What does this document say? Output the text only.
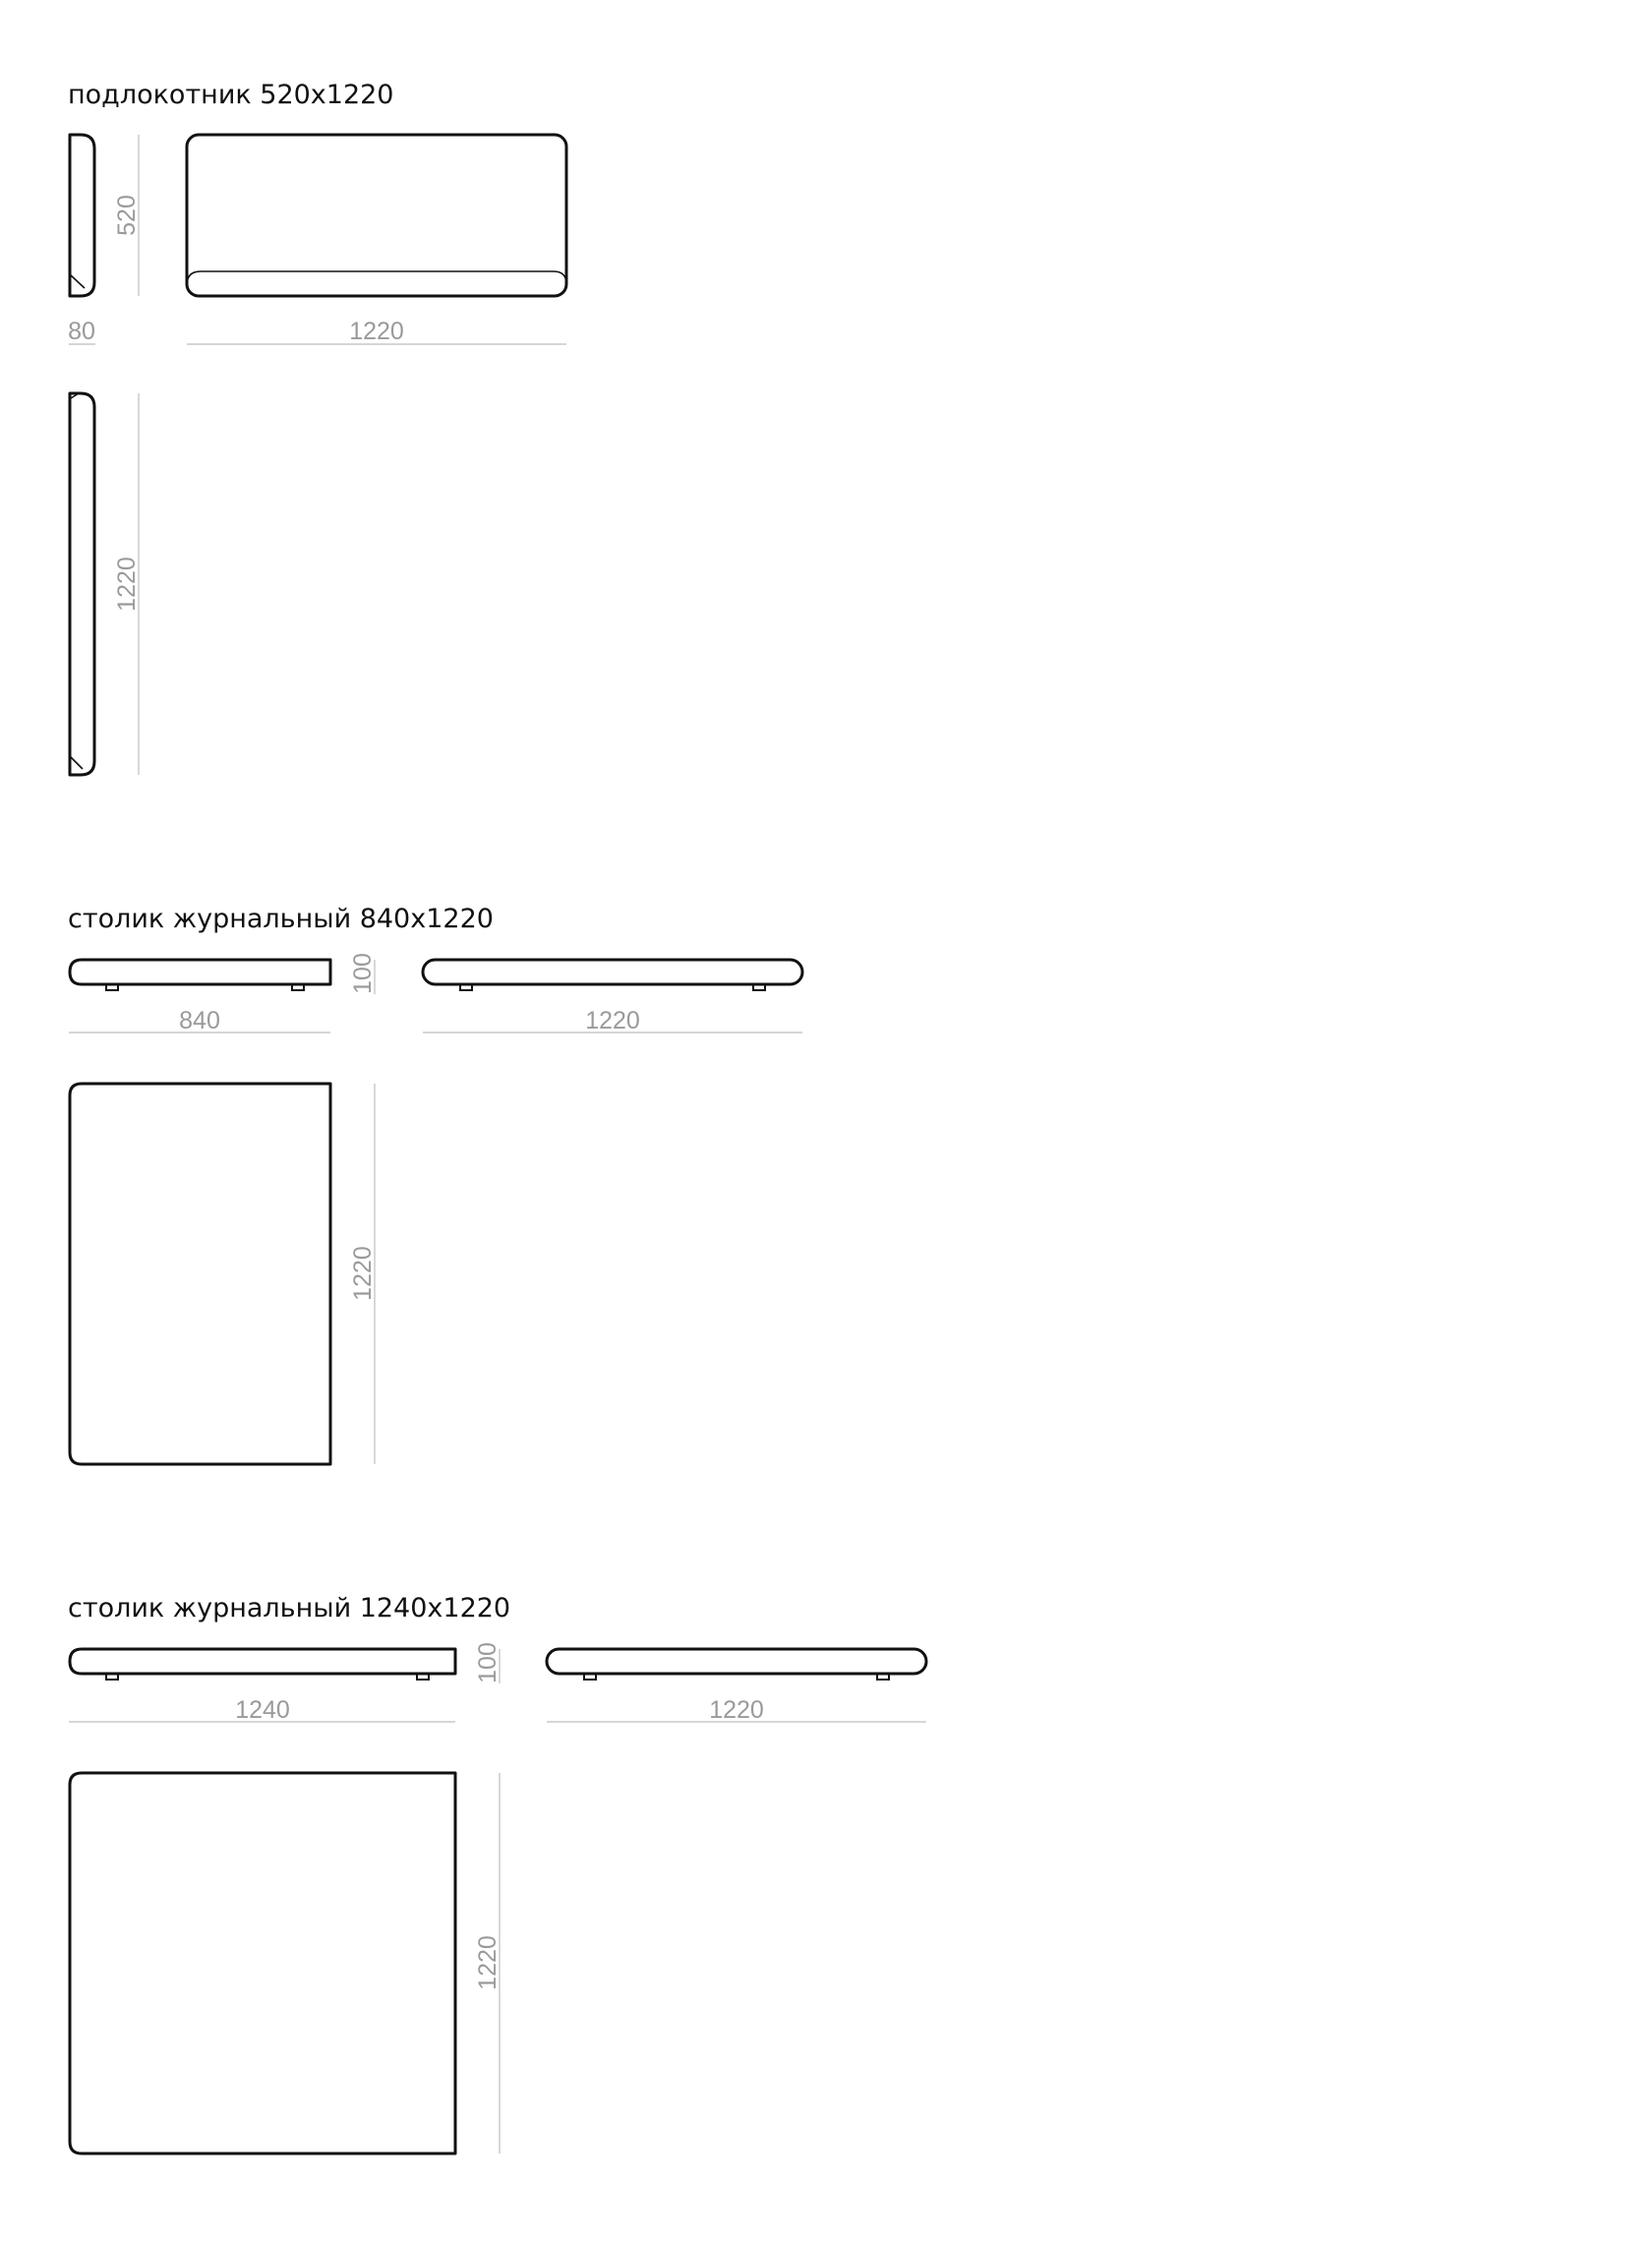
подлокотник 520х1220
520
80	1220
1220
столик журнальный 840х1220
100
840	1220
1220
столик журнальный 1240х1220
100
1240	1220
1220
